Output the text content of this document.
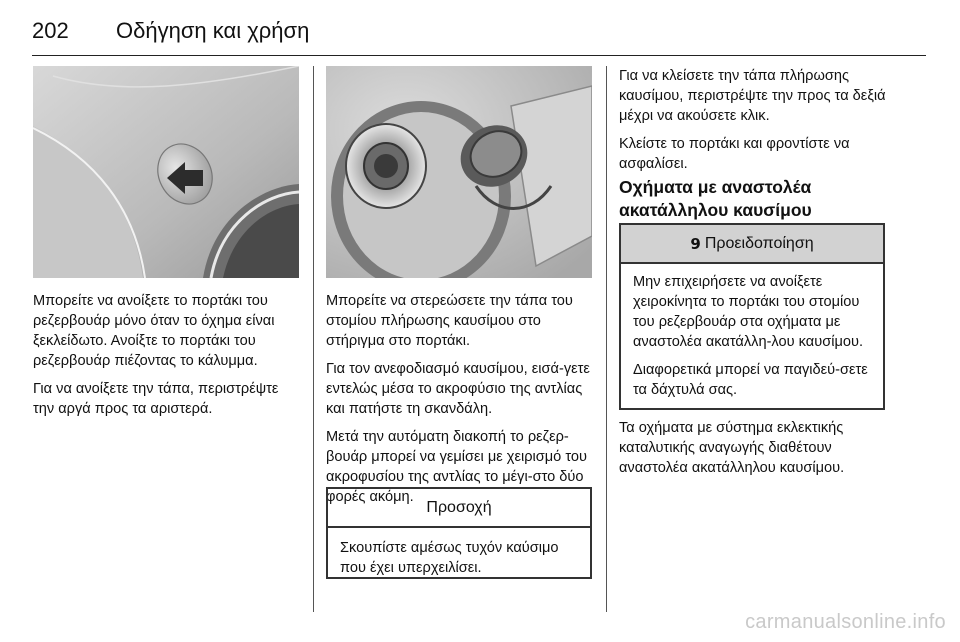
202 Οδήγηση και χρήση

Μπορείτε να ανοίξετε το πορτάκι του ρεζερβουάρ μόνο όταν το όχημα είναι ξεκλείδωτο. Ανοίξτε το πορτάκι του ρεζερβουάρ πιέζοντας το κάλυμμα.

Για να ανοίξετε την τάπα, περιστρέψτε την αργά προς τα αριστερά.

Μπορείτε να στερεώσετε την τάπα του στομίου πλήρωσης καυσίμου στο στήριγμα στο πορτάκι.

Για τον ανεφοδιασμό καυσίμου, εισά-γετε εντελώς μέσα το ακροφύσιο της αντλίας και πατήστε τη σκανδάλη.

Μετά την αυτόματη διακοπή το ρεζερ-βουάρ μπορεί να γεμίσει με χειρισμό του ακροφυσίου της αντλίας το μέγι-στο δύο φορές ακόμη.

Προσοχή
Σκουπίστε αμέσως τυχόν καύσιμο που έχει υπερχειλίσει.

Για να κλείσετε την τάπα πλήρωσης καυσίμου, περιστρέψτε την προς τα δεξιά μέχρι να ακούσετε κλικ.

Κλείστε το πορτάκι και φροντίστε να ασφαλίσει.

Οχήματα με αναστολέα
ακατάλληλου καυσίμου
9 Προειδοποίηση

Μην επιχειρήσετε να ανοίξετε χειροκίνητα το πορτάκι του στομίου του ρεζερβουάρ στα οχήματα με αναστολέα ακατάλλη-λου καυσίμου.

Διαφορετικά μπορεί να παγιδεύ-σετε τα δάχτυλά σας.

Τα οχήματα με σύστημα εκλεκτικής καταλυτικής αναγωγής διαθέτουν αναστολέα ακατάλληλου καυσίμου.

carmanualsonline.info
